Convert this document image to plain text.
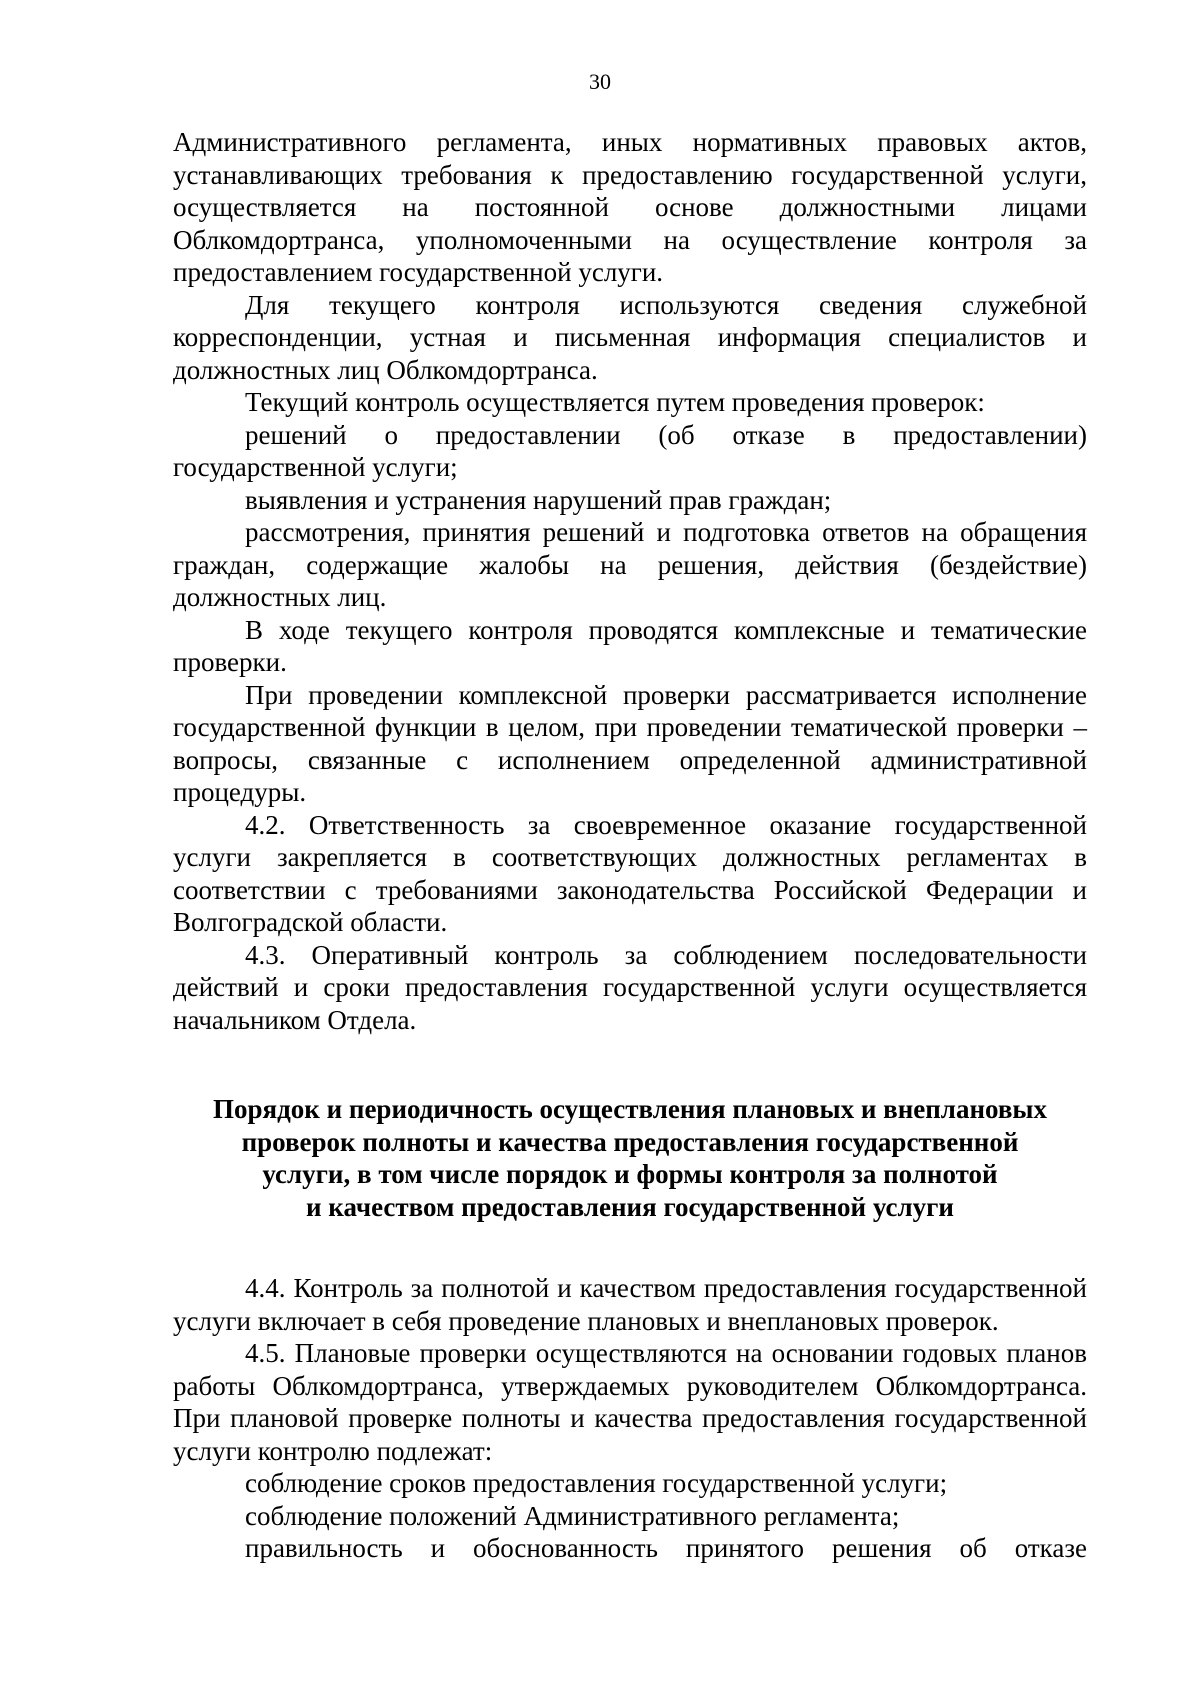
30

Административного регламента, иных нормативных правовых актов, устанавливающих требования к предоставлению государственной услуги, осуществляется на постоянной основе должностными лицами Облкомдортранса, уполномоченными на осуществление контроля за предоставлением государственной услуги.

Для текущего контроля используются сведения служебной корреспонденции, устная и письменная информация специалистов и должностных лиц Облкомдортранса.

Текущий контроль осуществляется путем проведения проверок:

решений о предоставлении (об отказе в предоставлении) государственной услуги;

выявления и устранения нарушений прав граждан;

рассмотрения, принятия решений и подготовка ответов на обращения граждан, содержащие жалобы на решения, действия (бездействие) должностных лиц.

В ходе текущего контроля проводятся комплексные и тематические проверки.

При проведении комплексной проверки рассматривается исполнение государственной функции в целом, при проведении тематической проверки – вопросы, связанные с исполнением определенной административной процедуры.

4.2. Ответственность за своевременное оказание государственной услуги закрепляется в соответствующих должностных регламентах в соответствии с требованиями законодательства Российской Федерации и Волгоградской области.

4.3. Оперативный контроль за соблюдением последовательности действий и сроки предоставления государственной услуги осуществляется начальником Отдела.

Порядок и периодичность осуществления плановых и внеплановых
проверок полноты и качества предоставления государственной
услуги, в том числе порядок и формы контроля за полнотой
и качеством предоставления государственной услуги

4.4. Контроль за полнотой и качеством предоставления государственной услуги включает в себя проведение плановых и внеплановых проверок.

4.5. Плановые проверки осуществляются на основании годовых планов работы Облкомдортранса, утверждаемых руководителем Облкомдортранса. При плановой проверке полноты и качества предоставления государственной услуги контролю подлежат:

соблюдение сроков предоставления государственной услуги;

соблюдение положений Административного регламента;

правильность и обоснованность принятого решения об отказе
